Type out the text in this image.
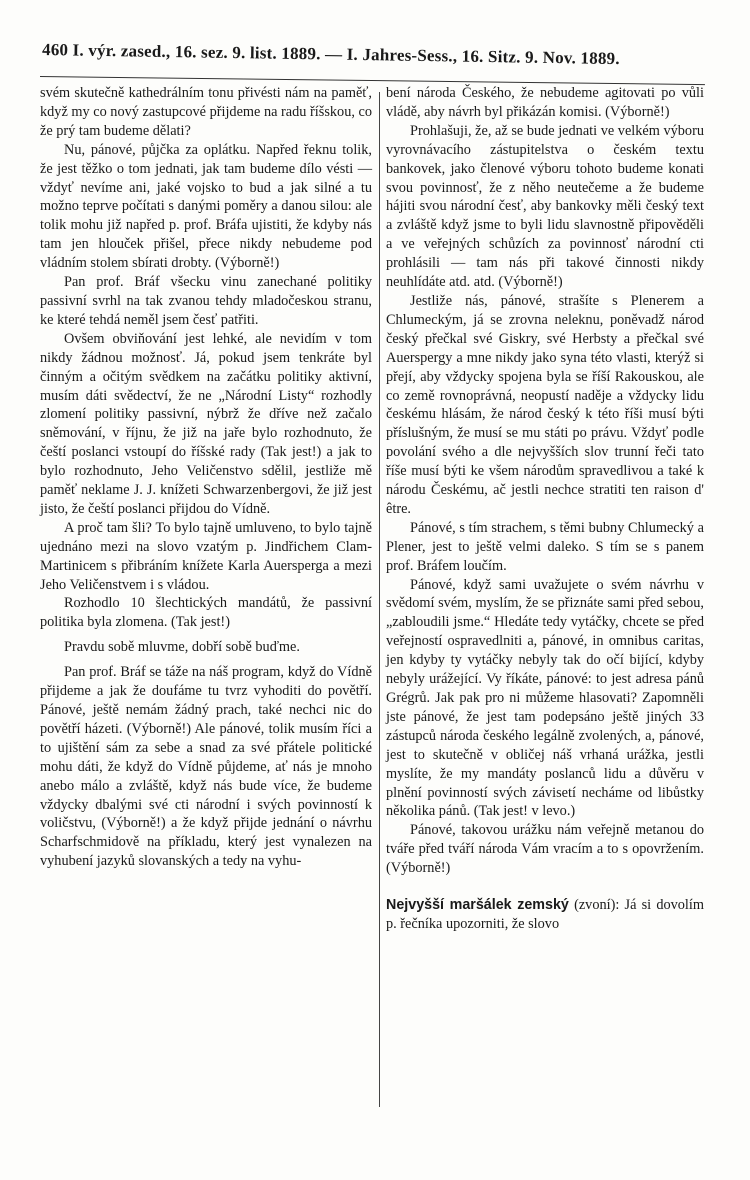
460 I. výr. zased., 16. sez. 9. list. 1889. — I. Jahres-Sess., 16. Sitz. 9. Nov. 1889.

svém skutečně kathedrálním tonu přivésti nám na paměť, když my co nový zastupcové přijdeme na radu říšskou, co že prý tam budeme dělati?

Nu, pánové, půjčka za oplátku. Napřed řeknu tolik, že jest těžko o tom jednati, jak tam budeme dílo vésti — vždyť nevíme ani, jaké vojsko to bud a jak silné a tu možno teprve počítati s danými poměry a danou silou: ale tolik mohu již napřed p. prof. Bráfa ujistiti, že kdyby nás tam jen hlouček přišel, přece nikdy nebudeme pod vládním stolem sbírati drobty. (Výborně!)

Pan prof. Bráf všecku vinu zanechané politiky passivní svrhl na tak zvanou tehdy mladočeskou stranu, ke které tehdá neměl jsem česť patřiti.

Ovšem obviňování jest lehké, ale nevidím v tom nikdy žádnou možnosť. Já, pokud jsem tenkráte byl činným a očitým svědkem na začátku politiky aktivní, musím dáti svědectví, že ne „Národní Listy“ rozhodly zlomení politiky passivní, nýbrž že dříve než začalo sněmování, v říjnu, že již na jaře bylo rozhodnuto, že čeští poslanci vstoupí do říšské rady (Tak jest!) a jak to bylo rozhodnuto, Jeho Veličenstvo sdělil, jestliže mě paměť neklame J. J. knížeti Schwarzenbergovi, že již jest jisto, že čeští poslanci přijdou do Vídně.

A proč tam šli? To bylo tajně umluveno, to bylo tajně ujednáno mezi na slovo vzatým p. Jindřichem Clam-Martinicem s přibráním knížete Karla Auersperga a mezi Jeho Veličenstvem i s vládou.

Rozhodlo 10 šlechtických mandátů, že passivní politika byla zlomena. (Tak jest!)

Pravdu sobě mluvme, dobří sobě buďme.

Pan prof. Bráf se táže na náš program, když do Vídně přijdeme a jak že doufáme tu tvrz vyhoditi do povětří. Pánové, ještě nemám žádný prach, také nechci nic do povětří házeti. (Výborně!) Ale pánové, tolik musím říci a to ujištění sám za sebe a snad za své přátele politické mohu dáti, že když do Vídně půjdeme, ať nás je mnoho anebo málo a zvláště, když nás bude více, že budeme vždycky dbalými své cti národní i svých povinností k voličstvu, (Výborně!) a že když přijde jednání o návrhu Scharfschmidově na příkladu, který jest vynalezen na vyhubení jazyků slovanských a tedy na vyhu-

bení národa Českého, že nebudeme agitovati po vůli vládě, aby návrh byl přikázán komisi. (Výborně!)

Prohlašuji, že, až se bude jednati ve velkém výboru vyrovnávacího zástupitelstva o českém textu bankovek, jako členové výboru tohoto budeme konati svou povinnosť, že z něho neutečeme a že budeme hájiti svou národní česť, aby bankovky měli český text a zvláště když jsme to byli lidu slavnostně připověděli a ve veřejných schůzích za povinnosť národní cti prohlásili — tam nás při takové činnosti nikdy neuhlídáte atd. atd. (Výborně!)

Jestliže nás, pánové, strašíte s Plenerem a Chlumeckým, já se zrovna neleknu, poněvadž národ český přečkal své Giskry, své Herbsty a přečkal své Auerspergy a mne nikdy jako syna této vlasti, kterýž si přejí, aby vždycky spojena byla se říší Rakouskou, ale co země rovnoprávná, neopustí naděje a vždycky lidu českému hlásám, že národ český k této říši musí býti příslušným, že musí se mu státi po právu. Vždyť podle povolání svého a dle nejvyšších slov trunní řeči tato říše musí býti ke všem národům spravedlivou a také k národu Českému, ač jestli nechce stratiti ten raison d' être.

Pánové, s tím strachem, s těmi bubny Chlumecký a Plener, jest to ještě velmi daleko. S tím se s panem prof. Bráfem loučím.

Pánové, když sami uvažujete o svém návrhu v svědomí svém, myslím, že se přiznáte sami před sebou, „zabloudili jsme.“ Hledáte tedy vytáčky, chcete se před veřejností ospravedlniti a, pánové, in omnibus caritas, jen kdyby ty vytáčky nebyly tak do očí bijící, kdyby nebyly urážející. Vy říkáte, pánové: to jest adresa pánů Grégrů. Jak pak pro ni můžeme hlasovati? Zapomněli jste pánové, že jest tam podepsáno ještě jiných 33 zástupců národa českého legálně zvolených, a, pánové, jest to skutečně v obličej náš vrhaná urážka, jestli myslíte, že my mandáty poslanců lidu a důvěru v plnění povinností svých závisetí necháme od libůstky několika pánů. (Tak jest! v levo.)

Pánové, takovou urážku nám veřejně metanou do tváře před tváří národa Vám vracím a to s opovržením. (Výborně!)

Nejvyšší maršálek zemský (zvoní): Já si dovolím p. řečníka upozorniti, že slovo
